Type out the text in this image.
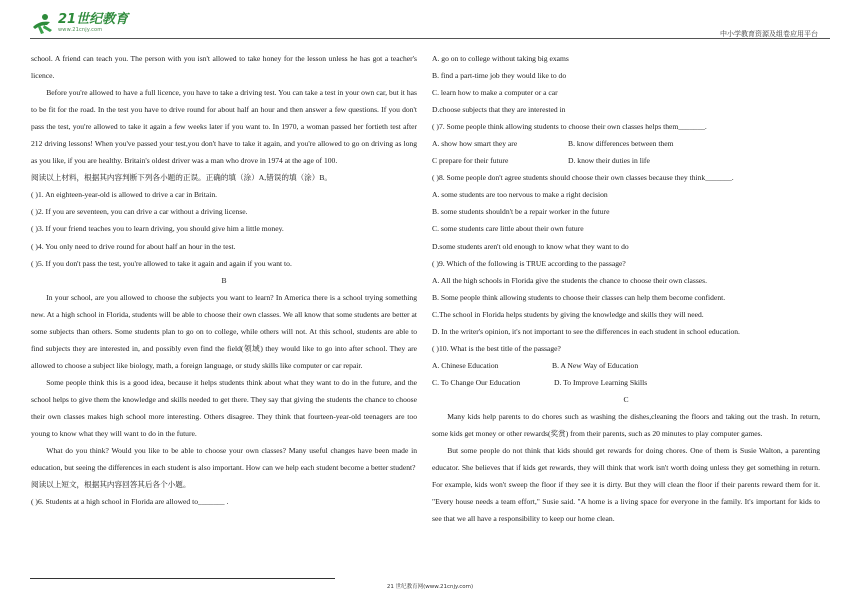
21世纪教育
www.21cnjy.com	中小学教育资源及组卷应用平台

school. A friend can teach you. The person with you isn't allowed to take honey for the lesson unless he has got a teacher's licence.

Before you're allowed to have a full licence, you have to take a driving test. You can take a test in your own car, but it has to be fit for the road. In the test you have to drive round for about half an hour and then answer a few questions. If you don't pass the test, you're allowed to take it again a few weeks later if you want to. In 1970, a woman passed her fortieth test after 212 driving lessons! When you've passed your test,you don't have to take it again, and you're allowed to go on driving as long as you like, if you are healthy. Britain's oldest driver was a man who drove in 1974 at the age of 100.

阅读以上材料，根据其内容判断下列各小题的正误。正确的填（涂）A,错误的填（涂）B。

( )1. An eighteen-year-old is allowed to drive a car in Britain.

( )2. If you are seventeen, you can drive a car without a driving license.

( )3. If your friend teaches you to learn driving, you should give him a little money.

( )4. You only need to drive round for about half an hour in the test.

( )5. If you don't pass the test, you're allowed to take it again and again if you want to.

B

In your school, are you allowed to choose the subjects you want to learn? In America there is a school trying something new. At a high school in Florida, students will be able to choose their own classes. We all know that some students are better at some subjects than others. Some students plan to go on to college, while others will not. At this school, students are able to find subjects they are interested in, and possibly even find the field(领域) they would like to go into after school. They are allowed to choose a subject like biology, math, a foreign language, or study skills like computer or car repair.

Some people think this is a good idea, because it helps students think about what they want to do in the future, and the school helps to give them the knowledge and skills needed to get there. They say that giving the students the chance to choose their own classes makes high school more interesting. Others disagree. They think that fourteen-year-old teenagers are too young to know what they will want to do in the future.

What do you think? Would you like to be able to choose your own classes? Many useful changes have been made in education, but seeing the differences in each student is also important. How can we help each student become a better student?

阅读以上短文，根据其内容回答其后各个小题。

( )6. Students at a high school in Florida are allowed to_______ .

A. go on to college without taking big exams

B. find a part-time job they would like to do

C. learn how to make a computer or a car

D.choose subjects that they are interested in

( )7. Some people think allowing students to choose their own classes helps them_______.

A. show how smart they are	B. know differences between them

C prepare for their future	D. know their duties in life

( )8. Some people don't agree students should choose their own classes because they think_______.

A. some students are too nervous to make a right decision

B. some students shouldn't be a repair worker in the future

C. some students care little about their own future

D.some students aren't old enough to know what they want to do

( )9. Which of the following is TRUE according to the passage?

A. All the high schools in Florida give the students the chance to choose their own classes.

B. Some people think allowing students to choose their classes can help them become confident.

C.The school in Florida helps students by giving the knowledge and skills they will need.

D. In the writer's opinion, it's not important to see the differences in each student in school education.

( )10. What is the best title of the passage?

A. Chinese Education	B. A New Way of Education

C. To Change Our Education	D. To Improve Learning Skills

C

Many kids help parents to do chores such as washing the dishes,cleaning the floors and taking out the trash. In return, some kids get money or other rewards(奖赏) from their parents, such as 20 minutes to play computer games.

But some people do not think that kids should get rewards for doing chores. One of them is Susie Walton, a parenting educator. She believes that if kids get rewards, they will think that work isn't worth doing unless they get something in return. For example, kids won't sweep the floor if they see it is dirty. But they will clean the floor if their parents reward them for it. "Every house needs a team effort," Susie said. "A home is a living space for everyone in the family. It's important for kids to see that we all have a responsibility to keep our home clean.

21 世纪教育网(www.21cnjy.com)
